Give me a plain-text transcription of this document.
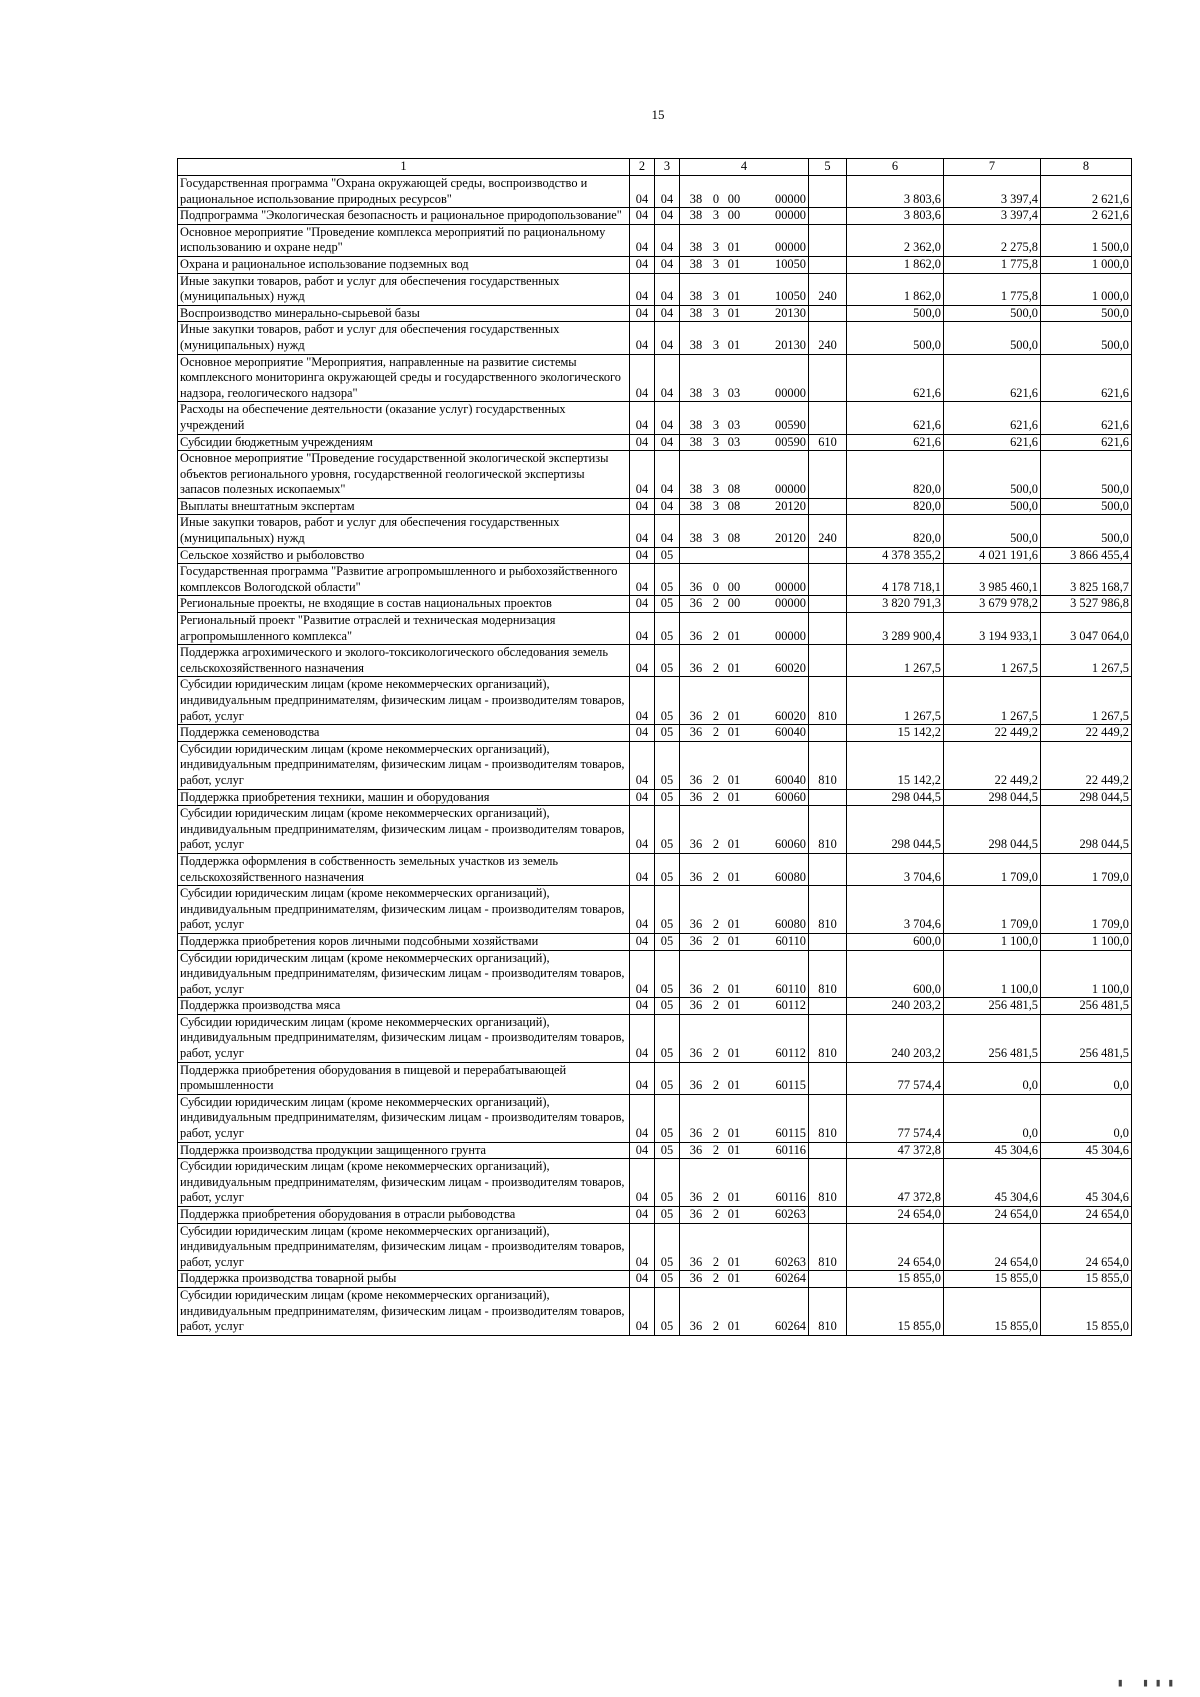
15
1	2	3	4	5	6	7	8
Государственная программа "Охрана окружающей среды, воспроизводство и рациональное использование природных ресурсов"	04	04	38 0 00 00000		3 803,6	3 397,4	2 621,6
Подпрограмма "Экологическая безопасность и рациональное природопользование"	04	04	38 3 00 00000		3 803,6	3 397,4	2 621,6
Основное мероприятие "Проведение комплекса мероприятий по рациональному использованию и охране недр"	04	04	38 3 01 00000		2 362,0	2 275,8	1 500,0
Охрана и рациональное использование подземных вод	04	04	38 3 01 10050		1 862,0	1 775,8	1 000,0
Иные закупки товаров, работ и услуг для обеспечения государственных (муниципальных) нужд	04	04	38 3 01 10050	240	1 862,0	1 775,8	1 000,0
Воспроизводство минерально-сырьевой базы	04	04	38 3 01 20130		500,0	500,0	500,0
Иные закупки товаров, работ и услуг для обеспечения государственных (муниципальных) нужд	04	04	38 3 01 20130	240	500,0	500,0	500,0
Основное мероприятие "Мероприятия, направленные на развитие системы комплексного мониторинга окружающей среды и государственного экологического надзора, геологического надзора"	04	04	38 3 03 00000		621,6	621,6	621,6
Расходы на обеспечение деятельности (оказание услуг) государственных учреждений	04	04	38 3 03 00590		621,6	621,6	621,6
Субсидии бюджетным учреждениям	04	04	38 3 03 00590	610	621,6	621,6	621,6
Основное мероприятие "Проведение государственной экологической экспертизы объектов регионального уровня, государственной геологической экспертизы запасов полезных ископаемых"	04	04	38 3 08 00000		820,0	500,0	500,0
Выплаты внештатным экспертам	04	04	38 3 08 20120		820,0	500,0	500,0
Иные закупки товаров, работ и услуг для обеспечения государственных (муниципальных) нужд	04	04	38 3 08 20120	240	820,0	500,0	500,0
Сельское хозяйство и рыболовство	04	05			4 378 355,2	4 021 191,6	3 866 455,4
Государственная программа "Развитие агропромышленного и рыбохозяйственного комплексов Вологодской области"	04	05	36 0 00 00000		4 178 718,1	3 985 460,1	3 825 168,7
Региональные проекты, не входящие в состав национальных проектов	04	05	36 2 00 00000		3 820 791,3	3 679 978,2	3 527 986,8
Региональный проект "Развитие отраслей и техническая модернизация агропромышленного комплекса"	04	05	36 2 01 00000		3 289 900,4	3 194 933,1	3 047 064,0
Поддержка агрохимического и эколого-токсикологического обследования земель сельскохозяйственного назначения	04	05	36 2 01 60020		1 267,5	1 267,5	1 267,5
Субсидии юридическим лицам (кроме некоммерческих организаций), индивидуальным предпринимателям, физическим лицам - производителям товаров, работ, услуг	04	05	36 2 01 60020	810	1 267,5	1 267,5	1 267,5
Поддержка семеноводства	04	05	36 2 01 60040		15 142,2	22 449,2	22 449,2
Субсидии юридическим лицам (кроме некоммерческих организаций), индивидуальным предпринимателям, физическим лицам - производителям товаров, работ, услуг	04	05	36 2 01 60040	810	15 142,2	22 449,2	22 449,2
Поддержка приобретения техники, машин и оборудования	04	05	36 2 01 60060		298 044,5	298 044,5	298 044,5
Субсидии юридическим лицам (кроме некоммерческих организаций), индивидуальным предпринимателям, физическим лицам - производителям товаров, работ, услуг	04	05	36 2 01 60060	810	298 044,5	298 044,5	298 044,5
Поддержка оформления в собственность земельных участков из земель сельскохозяйственного назначения	04	05	36 2 01 60080		3 704,6	1 709,0	1 709,0
Субсидии юридическим лицам (кроме некоммерческих организаций), индивидуальным предпринимателям, физическим лицам - производителям товаров, работ, услуг	04	05	36 2 01 60080	810	3 704,6	1 709,0	1 709,0
Поддержка приобретения коров личными подсобными хозяйствами	04	05	36 2 01 60110		600,0	1 100,0	1 100,0
Субсидии юридическим лицам (кроме некоммерческих организаций), индивидуальным предпринимателям, физическим лицам - производителям товаров, работ, услуг	04	05	36 2 01 60110	810	600,0	1 100,0	1 100,0
Поддержка производства мяса	04	05	36 2 01 60112		240 203,2	256 481,5	256 481,5
Субсидии юридическим лицам (кроме некоммерческих организаций), индивидуальным предпринимателям, физическим лицам - производителям товаров, работ, услуг	04	05	36 2 01 60112	810	240 203,2	256 481,5	256 481,5
Поддержка приобретения оборудования в пищевой и перерабатывающей промышленности	04	05	36 2 01 60115		77 574,4	0,0	0,0
Субсидии юридическим лицам (кроме некоммерческих организаций), индивидуальным предпринимателям, физическим лицам - производителям товаров, работ, услуг	04	05	36 2 01 60115	810	77 574,4	0,0	0,0
Поддержка производства продукции защищенного грунта	04	05	36 2 01 60116		47 372,8	45 304,6	45 304,6
Субсидии юридическим лицам (кроме некоммерческих организаций), индивидуальным предпринимателям, физическим лицам - производителям товаров, работ, услуг	04	05	36 2 01 60116	810	47 372,8	45 304,6	45 304,6
Поддержка приобретения оборудования в отрасли рыбоводства	04	05	36 2 01 60263		24 654,0	24 654,0	24 654,0
Субсидии юридическим лицам (кроме некоммерческих организаций), индивидуальным предпринимателям, физическим лицам - производителям товаров, работ, услуг	04	05	36 2 01 60263	810	24 654,0	24 654,0	24 654,0
Поддержка производства товарной рыбы	04	05	36 2 01 60264		15 855,0	15 855,0	15 855,0
Субсидии юридическим лицам (кроме некоммерческих организаций), индивидуальным предпринимателям, физическим лицам - производителям товаров, работ, услуг	04	05	36 2 01 60264	810	15 855,0	15 855,0	15 855,0
▮ ▮▮▮
